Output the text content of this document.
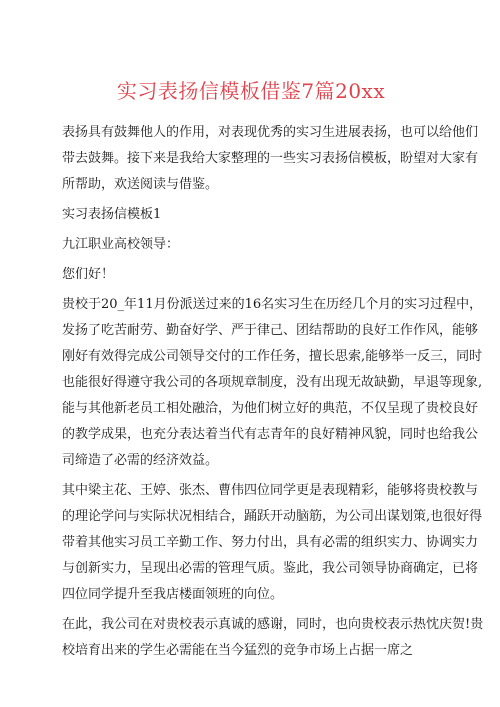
实习表扬信模板借鉴7篇20xx
表扬具有鼓舞他人的作用，对表现优秀的实习生进展表扬，也可以给他们
带去鼓舞。接下来是我给大家整理的一些实习表扬信模板，盼望对大家有
所帮助，欢送阅读与借鉴。
实习表扬信模板1
九江职业高校领导：
您们好！
贵校于20_年11月份派送过来的16名实习生在历经几个月的实习过程中，
发扬了吃苦耐劳、勤奋好学、严于律己、团结帮助的良好工作作风，能够
刚好有效得完成公司领导交付的工作任务，擅长思索,能够举一反三，同时
也能很好得遵守我公司的各项规章制度，没有出现无故缺勤，早退等现象,
能与其他新老员工相处融洽，为他们树立好的典范，不仅呈现了贵校良好
的教学成果，也充分表达着当代有志青年的良好精神风貌，同时也给我公
司缔造了必需的经济效益。
其中梁主花、王婷、张杰、曹伟四位同学更是表现精彩，能够将贵校教与
的理论学问与实际状况相结合，踊跃开动脑筋，为公司出谋划策,也很好得
带着其他实习员工辛勤工作、努力付出，具有必需的组织实力、协调实力
与创新实力，呈现出必需的管理气质。鉴此，我公司领导协商确定，已将
四位同学提升至我店楼面领班的向位。
在此，我公司在对贵校表示真诚的感谢，同时，也向贵校表示热忱庆贺!贵
校培育出来的学生必需能在当今猛烈的竞争市场上占据一席之
